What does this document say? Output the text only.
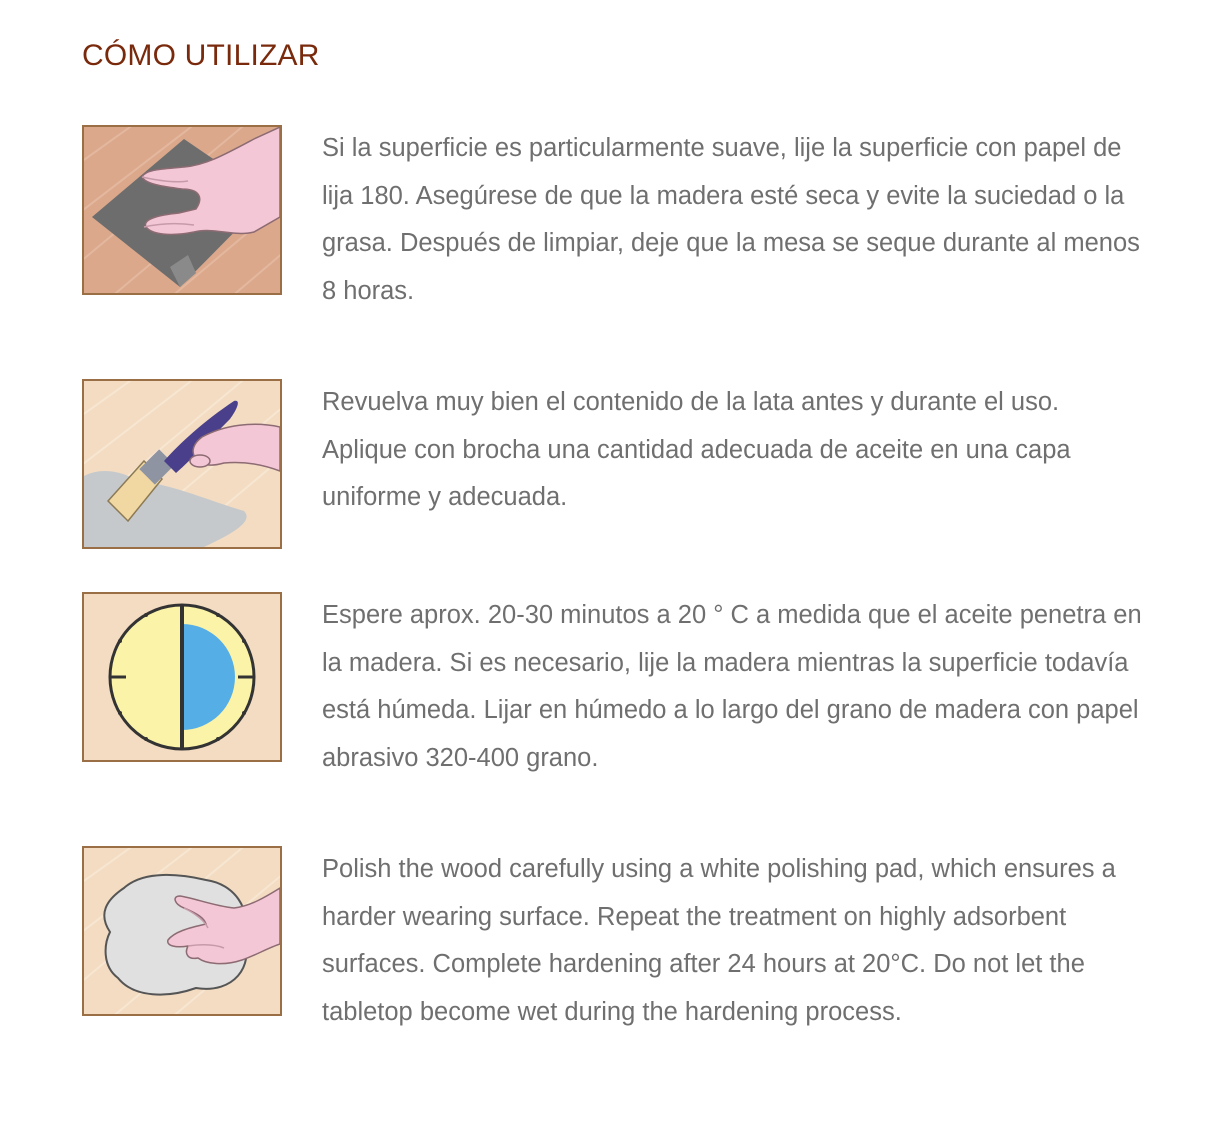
CÓMO UTILIZAR

Si la superficie es particularmente suave, lije la superficie con papel de lija 180. Asegúrese de que la madera esté seca y evite la suciedad o la grasa. Después de limpiar, deje que la mesa se seque durante al menos 8 horas.

Revuelva muy bien el contenido de la lata antes y durante el uso. Aplique con brocha una cantidad adecuada de aceite en una capa uniforme y adecuada.

Espere aprox. 20-30 minutos a 20 ° C a medida que el aceite penetra en la madera. Si es necesario, lije la madera mientras la superficie todavía está húmeda. Lijar en húmedo a lo largo del grano de madera con papel abrasivo 320-400 grano.

Polish the wood carefully using a white polishing pad, which ensures a harder wearing surface. Repeat the treatment on highly adsorbent surfaces. Complete hardening after 24 hours at 20°C. Do not let the tabletop become wet during the hardening process.
